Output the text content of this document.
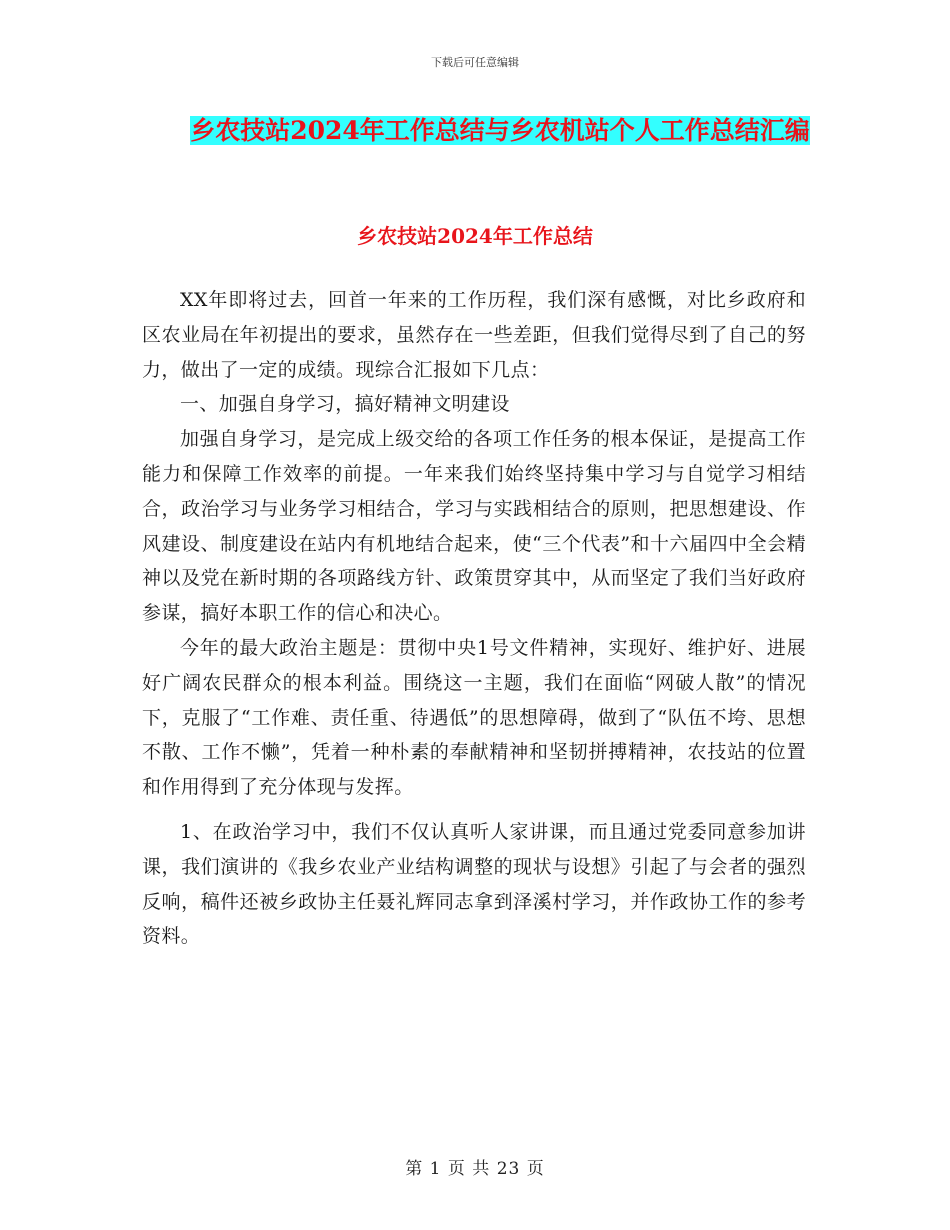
下载后可任意编辑
乡农技站2024年工作总结与乡农机站个人工作总结汇编
乡农技站2024年工作总结

XX年即将过去，回首一年来的工作历程，我们深有感慨，对比乡政府和区农业局在年初提出的要求，虽然存在一些差距，但我们觉得尽到了自己的努力，做出了一定的成绩。现综合汇报如下几点：

一、加强自身学习，搞好精神文明建设

加强自身学习，是完成上级交给的各项工作任务的根本保证，是提高工作能力和保障工作效率的前提。一年来我们始终坚持集中学习与自觉学习相结合，政治学习与业务学习相结合，学习与实践相结合的原则，把思想建设、作风建设、制度建设在站内有机地结合起来，使“三个代表”和十六届四中全会精神以及党在新时期的各项路线方针、政策贯穿其中，从而坚定了我们当好政府参谋，搞好本职工作的信心和决心。

今年的最大政治主题是：贯彻中央1号文件精神，实现好、维护好、进展好广阔农民群众的根本利益。围绕这一主题，我们在面临“网破人散”的情况下，克服了“工作难、责任重、待遇低”的思想障碍，做到了“队伍不垮、思想不散、工作不懒”，凭着一种朴素的奉献精神和坚韧拼搏精神，农技站的位置和作用得到了充分体现与发挥。

1、在政治学习中，我们不仅认真听人家讲课，而且通过党委同意参加讲课，我们演讲的《我乡农业产业结构调整的现状与设想》引起了与会者的强烈反响，稿件还被乡政协主任聂礼辉同志拿到泽溪村学习，并作政协工作的参考资料。

第 1 页 共 23 页
